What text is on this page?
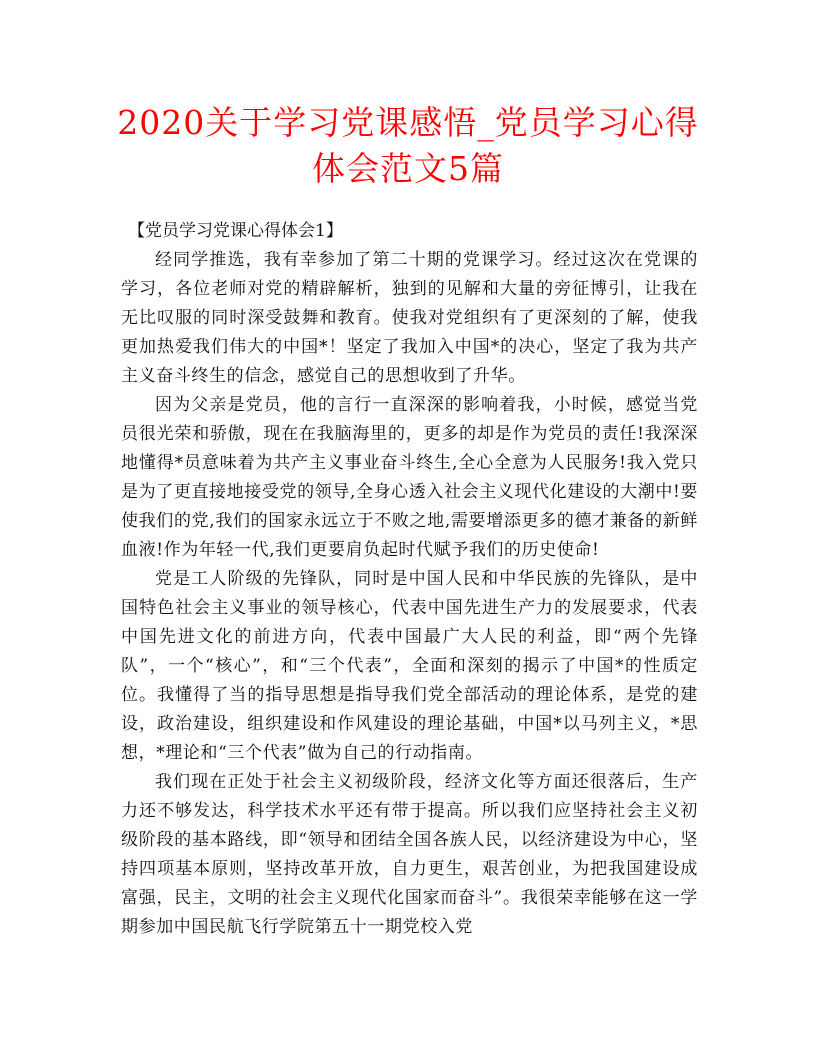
2020关于学习党课感悟_党员学习心得体会范文5篇

【党员学习党课心得体会1】

经同学推选，我有幸参加了第二十期的党课学习。经过这次在党课的学习，各位老师对党的精辟解析，独到的见解和大量的旁征博引，让我在无比叹服的同时深受鼓舞和教育。使我对党组织有了更深刻的了解，使我更加热爱我们伟大的中国*！坚定了我加入中国*的决心，坚定了我为共产主义奋斗终生的信念，感觉自己的思想收到了升华。

因为父亲是党员，他的言行一直深深的影响着我，小时候，感觉当党员很光荣和骄傲，现在在我脑海里的，更多的却是作为党员的责任!我深深地懂得*员意味着为共产主义事业奋斗终生,全心全意为人民服务!我入党只是为了更直接地接受党的领导,全身心透入社会主义现代化建设的大潮中!要使我们的党,我们的国家永远立于不败之地,需要增添更多的德才兼备的新鲜血液!作为年轻一代,我们更要肩负起时代赋予我们的历史使命!

党是工人阶级的先锋队，同时是中国人民和中华民族的先锋队，是中国特色社会主义事业的领导核心，代表中国先进生产力的发展要求，代表中国先进文化的前进方向，代表中国最广大人民的利益，即“两个先锋队”，一个“核心”，和“三个代表”，全面和深刻的揭示了中国*的性质定位。我懂得了当的指导思想是指导我们党全部活动的理论体系，是党的建设，政治建设，组织建设和作风建设的理论基础，中国*以马列主义，*思想，*理论和“三个代表”做为自己的行动指南。

我们现在正处于社会主义初级阶段，经济文化等方面还很落后，生产力还不够发达，科学技术水平还有带于提高。所以我们应坚持社会主义初级阶段的基本路线，即“领导和团结全国各族人民，以经济建设为中心，坚持四项基本原则，坚持改革开放，自力更生，艰苦创业，为把我国建设成富强，民主，文明的社会主义现代化国家而奋斗”。我很荣幸能够在这一学期参加中国民航飞行学院第五十一期党校入党
